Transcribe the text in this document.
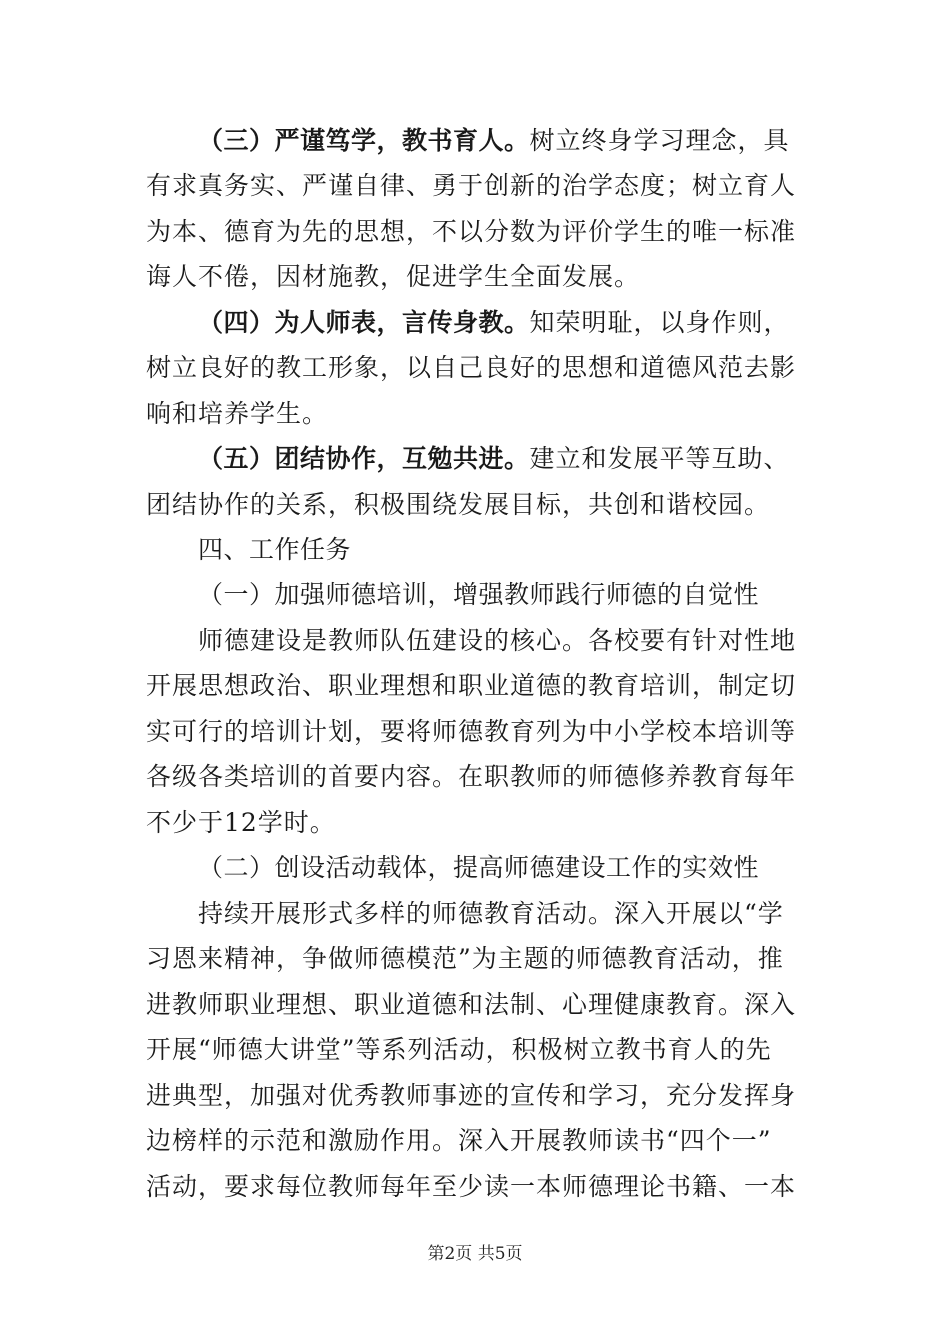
（三）严谨笃学，教书育人。树立终身学习理念，具
有求真务实、严谨自律、勇于创新的治学态度；树立育人
为本、德育为先的思想，不以分数为评价学生的唯一标准
诲人不倦，因材施教，促进学生全面发展。
（四）为人师表，言传身教。知荣明耻，以身作则，
树立良好的教工形象，以自己良好的思想和道德风范去影
响和培养学生。
（五）团结协作，互勉共进。建立和发展平等互助、
团结协作的关系，积极围绕发展目标，共创和谐校园。
四、工作任务
（一）加强师德培训，增强教师践行师德的自觉性
师德建设是教师队伍建设的核心。各校要有针对性地
开展思想政治、职业理想和职业道德的教育培训，制定切
实可行的培训计划，要将师德教育列为中小学校本培训等
各级各类培训的首要内容。在职教师的师德修养教育每年
不少于12学时。
（二）创设活动载体，提高师德建设工作的实效性
持续开展形式多样的师德教育活动。深入开展以“学
习恩来精神，争做师德模范”为主题的师德教育活动，推
进教师职业理想、职业道德和法制、心理健康教育。深入
开展“师德大讲堂”等系列活动，积极树立教书育人的先
进典型，加强对优秀教师事迹的宣传和学习，充分发挥身
边榜样的示范和激励作用。深入开展教师读书“四个一”
活动，要求每位教师每年至少读一本师德理论书籍、一本
第2页 共5页
